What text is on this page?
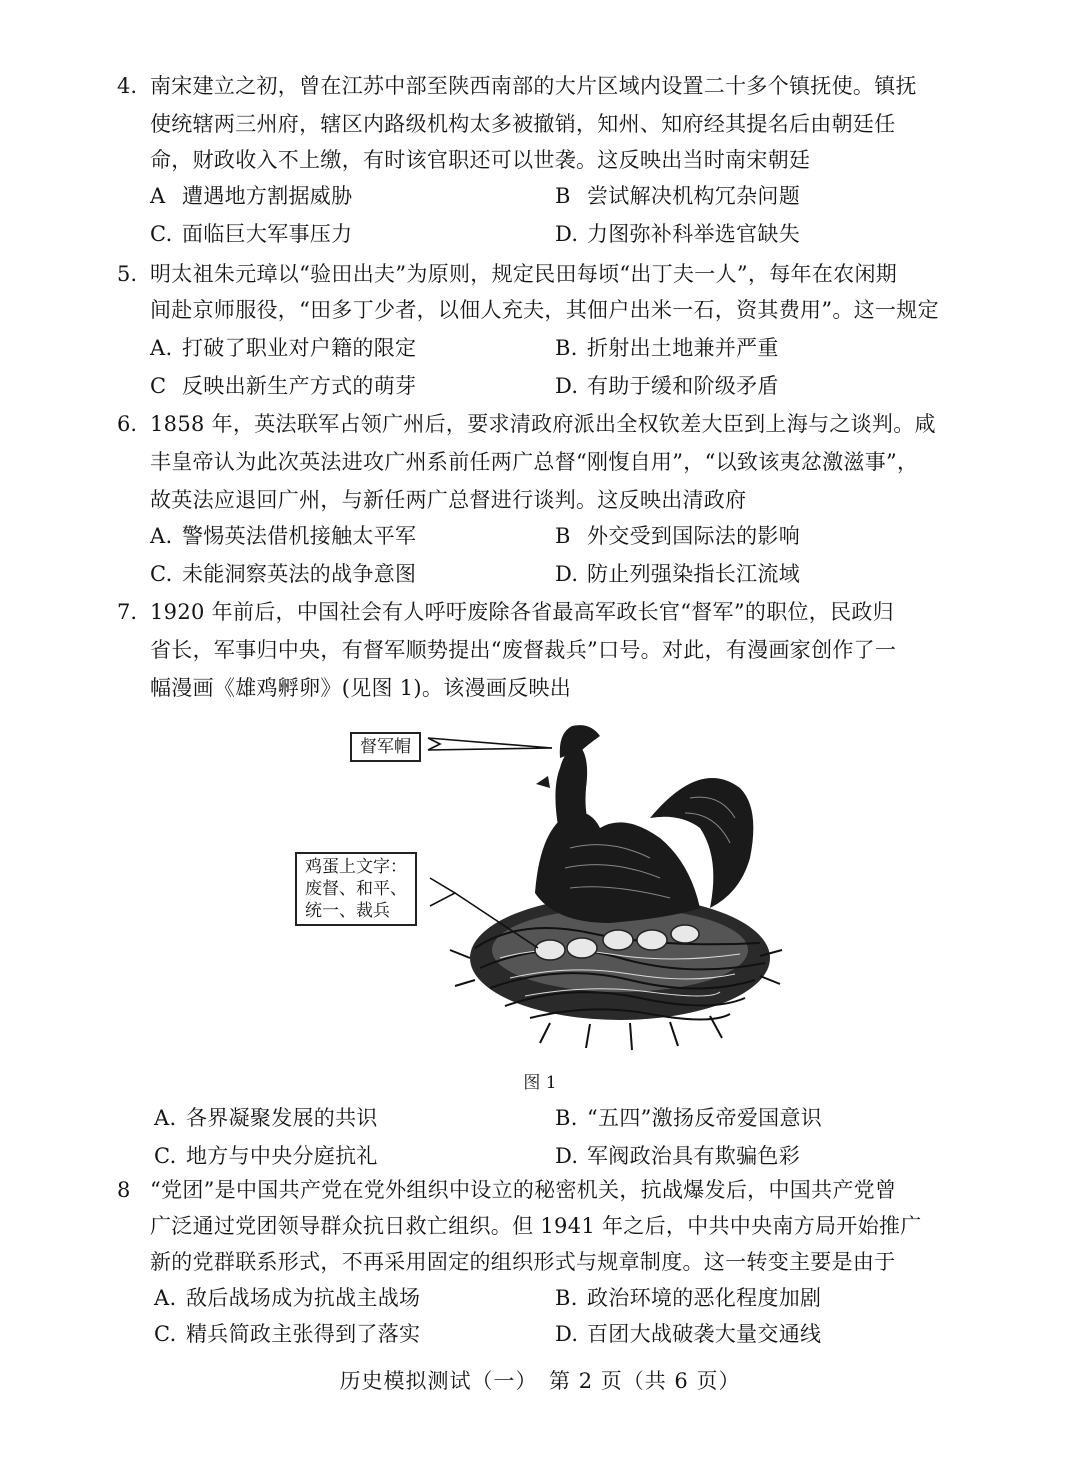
4. 南宋建立之初，曾在江苏中部至陕西南部的大片区域内设置二十多个镇抚使。镇抚
使统辖两三州府，辖区内路级机构太多被撤销，知州、知府经其提名后由朝廷任
命，财政收入不上缴，有时该官职还可以世袭。这反映出当时南宋朝廷
A 遭遇地方割据威胁	B 尝试解决机构冗杂问题
C. 面临巨大军事压力	D. 力图弥补科举选官缺失
5. 明太祖朱元璋以“验田出夫”为原则，规定民田每顷“出丁夫一人”，每年在农闲期
间赴京师服役，“田多丁少者，以佃人充夫，其佃户出米一石，资其费用”。这一规定
A. 打破了职业对户籍的限定	B. 折射出土地兼并严重
C 反映出新生产方式的萌芽	D. 有助于缓和阶级矛盾
6. 1858 年，英法联军占领广州后，要求清政府派出全权钦差大臣到上海与之谈判。咸
丰皇帝认为此次英法进攻广州系前任两广总督“刚愎自用”，“以致该夷忿激滋事”，
故英法应退回广州，与新任两广总督进行谈判。这反映出清政府
A. 警惕英法借机接触太平军	B 外交受到国际法的影响
C. 未能洞察英法的战争意图	D. 防止列强染指长江流域
7. 1920 年前后，中国社会有人呼吁废除各省最高军政长官“督军”的职位，民政归
省长，军事归中央，有督军顺势提出“废督裁兵”口号。对此，有漫画家创作了一
幅漫画《雄鸡孵卵》(见图 1)。该漫画反映出
督军帽
鸡蛋上文字：
废督、和平、
统一、裁兵
图 1
A. 各界凝聚发展的共识	B. “五四”激扬反帝爱国意识
C. 地方与中央分庭抗礼	D. 军阀政治具有欺骗色彩
8 “党团”是中国共产党在党外组织中设立的秘密机关，抗战爆发后，中国共产党曾
广泛通过党团领导群众抗日救亡组织。但 1941 年之后，中共中央南方局开始推广
新的党群联系形式，不再采用固定的组织形式与规章制度。这一转变主要是由于
A. 敌后战场成为抗战主战场	B. 政治环境的恶化程度加剧
C. 精兵简政主张得到了落实	D. 百团大战破袭大量交通线
历史模拟测试（一）　第 2 页（共 6 页）
